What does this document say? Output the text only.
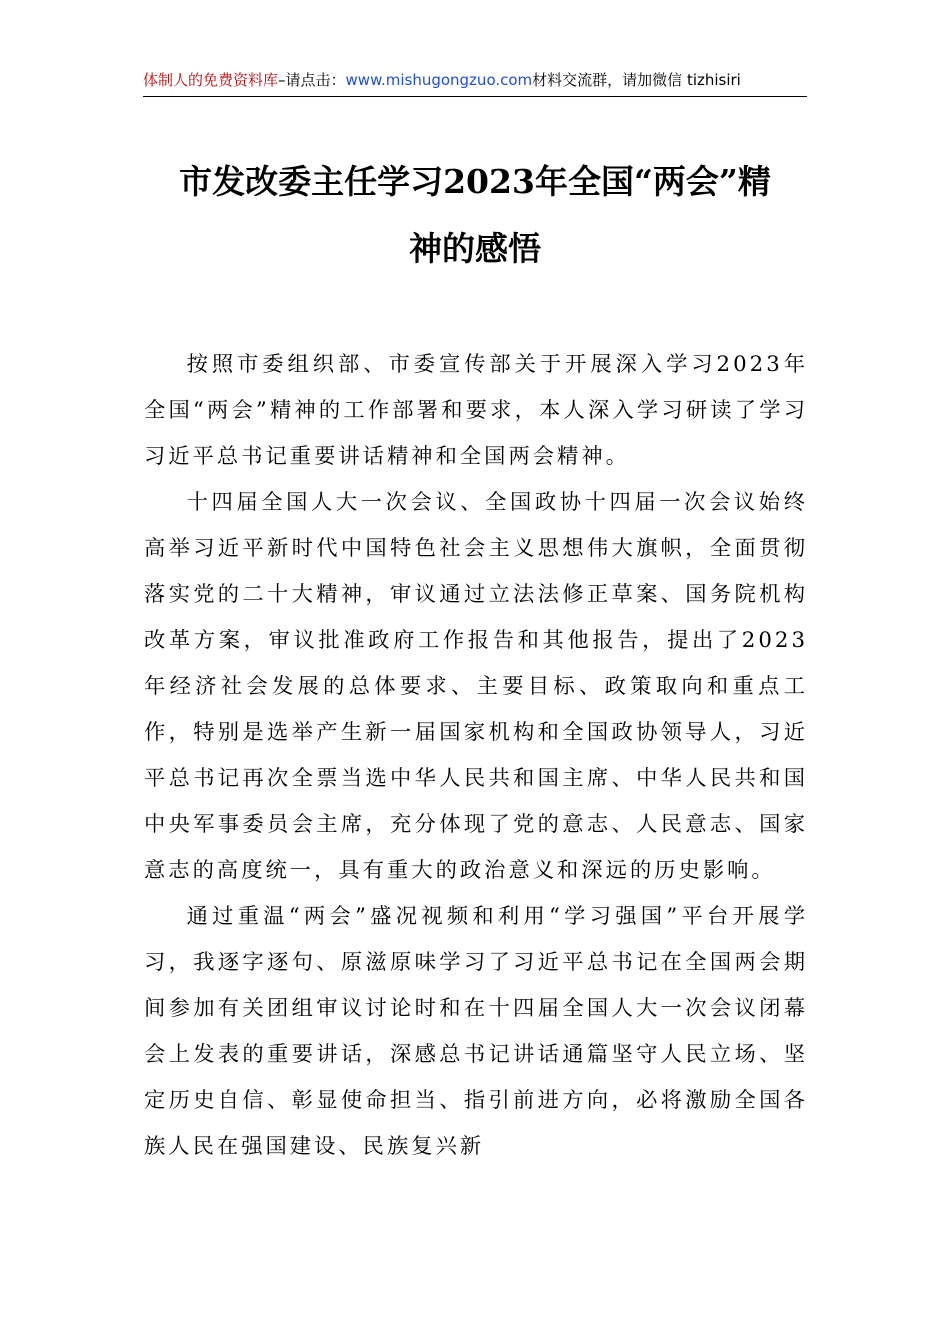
体制人的免费资料库–请点击：www.mishugongzuo.com材料交流群，请加微信 tizhisiri
市发改委主任学习2023年全国“两会”精
神的感悟

按照市委组织部、市委宣传部关于开展深入学习2023年全国“两会”精神的工作部署和要求，本人深入学习研读了学习习近平总书记重要讲话精神和全国两会精神。

十四届全国人大一次会议、全国政协十四届一次会议始终高举习近平新时代中国特色社会主义思想伟大旗帜，全面贯彻落实党的二十大精神，审议通过立法法修正草案、国务院机构改革方案，审议批准政府工作报告和其他报告，提出了2023年经济社会发展的总体要求、主要目标、政策取向和重点工作，特别是选举产生新一届国家机构和全国政协领导人，习近平总书记再次全票当选中华人民共和国主席、中华人民共和国中央军事委员会主席，充分体现了党的意志、人民意志、国家意志的高度统一，具有重大的政治意义和深远的历史影响。

通过重温“两会”盛况视频和利用“学习强国”平台开展学习，我逐字逐句、原滋原味学习了习近平总书记在全国两会期间参加有关团组审议讨论时和在十四届全国人大一次会议闭幕会上发表的重要讲话，深感总书记讲话通篇坚守人民立场、坚定历史自信、彰显使命担当、指引前进方向，必将激励全国各族人民在强国建设、民族复兴新
